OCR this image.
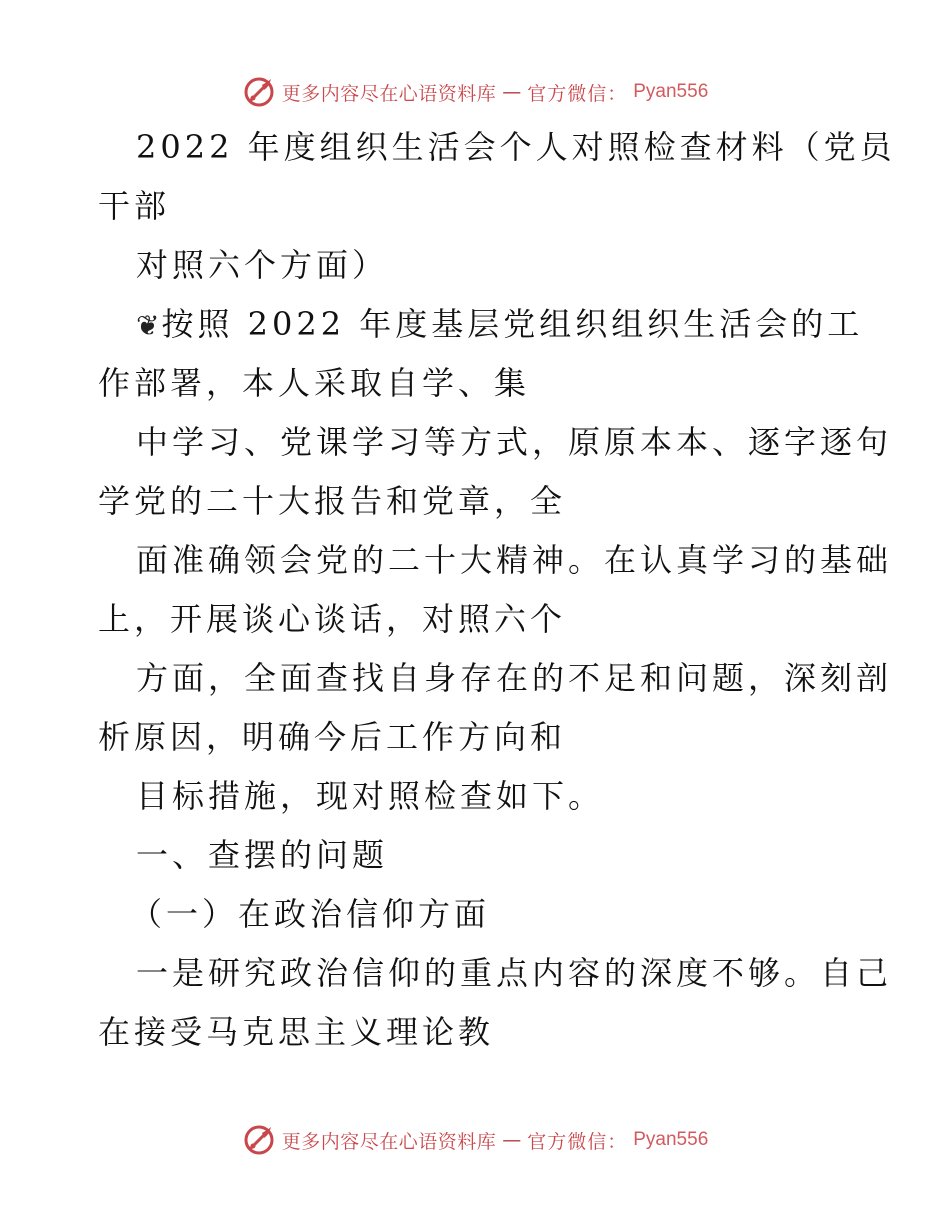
更多内容尽在心语资料库 — 官方微信： Pyan556
2022 年度组织生活会个人对照检查材料（党员
干部
对照六个方面）
❦按照 2022 年度基层党组织组织生活会的工
作部署，本人采取自学、集
中学习、党课学习等方式，原原本本、逐字逐句
学党的二十大报告和党章，全
面准确领会党的二十大精神。在认真学习的基础
上，开展谈心谈话，对照六个
方面，全面查找自身存在的不足和问题，深刻剖
析原因，明确今后工作方向和
目标措施，现对照检查如下。
一、查摆的问题
（一）在政治信仰方面
一是研究政治信仰的重点内容的深度不够。自己
在接受马克思主义理论教
更多内容尽在心语资料库 — 官方微信： Pyan556
